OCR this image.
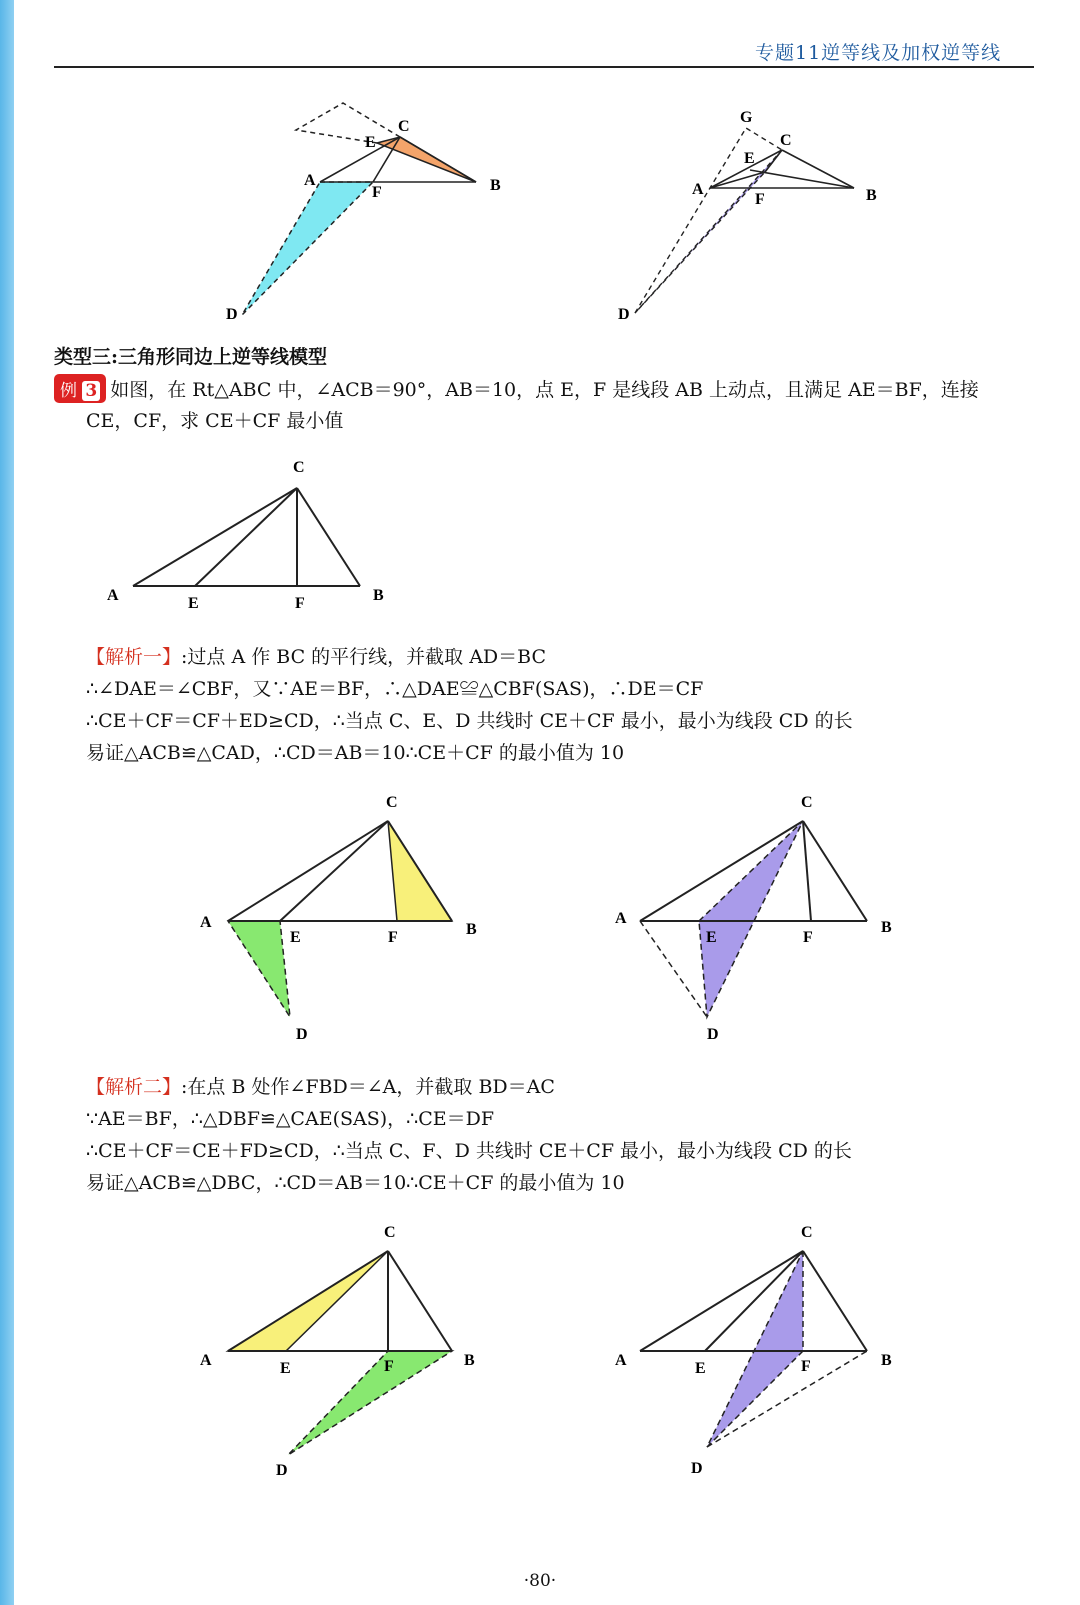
专题11逆等线及加权逆等线
C
E
A
F	B
D
G
C
E
A
F	B
D
类型三:三角形同边上逆等线模型
例 3 如图，在 Rt△ABC 中，∠ACB＝90°，AB＝10，点 E，F 是线段 AB 上动点，且满足 AE＝BF，连接
CE，CF，求 CE＋CF 最小值
C
A	E	F	B
【解析一】:过点 A 作 BC 的平行线，并截取 AD＝BC
∴∠DAE＝∠CBF，又∵AE＝BF，∴△DAE≌△CBF(SAS)，∴DE＝CF
∴CE＋CF＝CF＋ED≥CD，∴当点 C、E、D 共线时 CE＋CF 最小，最小为线段 CD 的长
易证△ACB≌△CAD，∴CD＝AB＝10∴CE＋CF 的最小值为 10
C
A
E	F	B
D
C
A
E	F
B
D
【解析二】:在点 B 处作∠FBD＝∠A，并截取 BD＝AC
∵AE＝BF，∴△DBF≌△CAE(SAS)，∴CE＝DF
∴CE＋CF＝CE＋FD≥CD，∴当点 C、F、D 共线时 CE＋CF 最小，最小为线段 CD 的长
易证△ACB≌△DBC，∴CD＝AB＝10∴CE＋CF 的最小值为 10
C
A	E	F	B
D
C
A	E	F	B
D
·80·
